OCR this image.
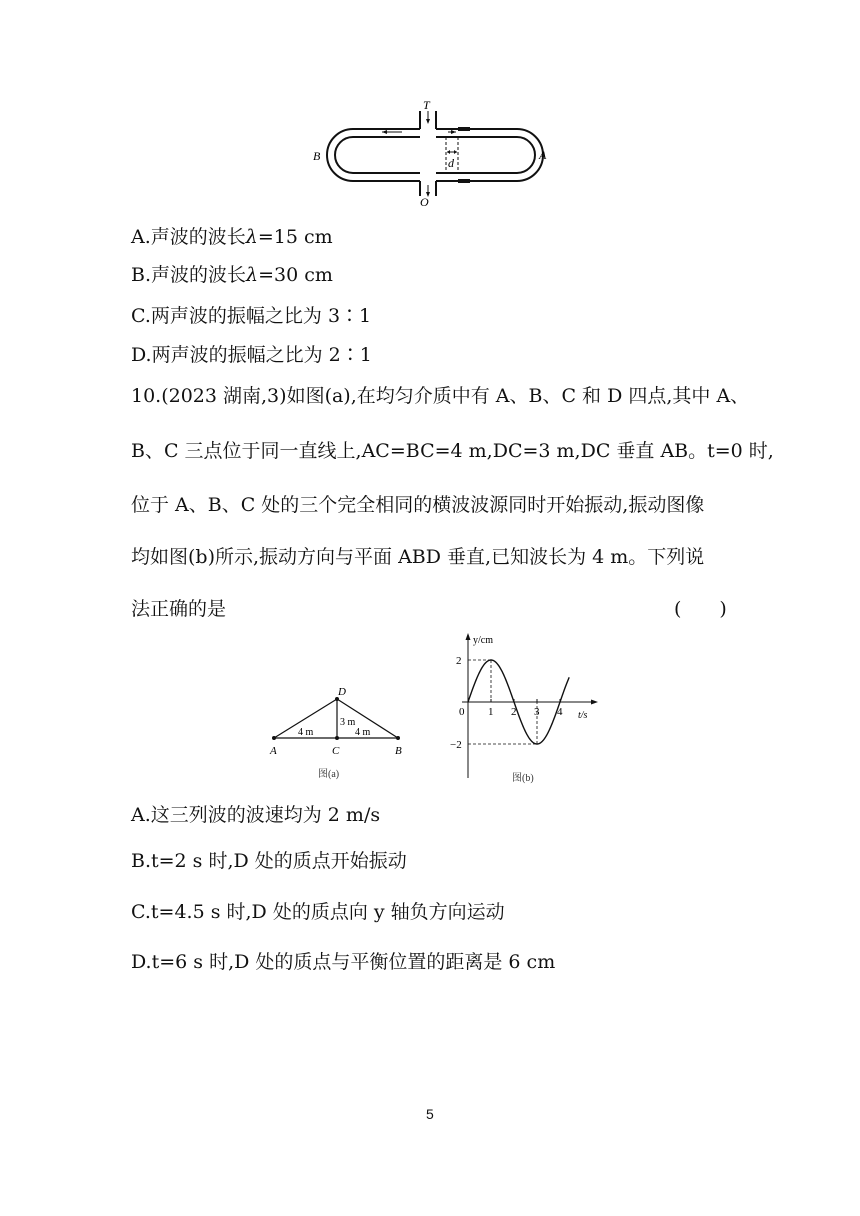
T
O
A
B	d
A.声波的波长λ=15 cm
B.声波的波长λ=30 cm
C.两声波的振幅之比为 3∶1
D.两声波的振幅之比为 2∶1
10.(2023 湖南,3)如图(a),在均匀介质中有 A、B、C 和 D 四点,其中 A、
B、C 三点位于同一直线上,AC=BC=4 m,DC=3 m,DC 垂直 AB。t=0 时,
位于 A、B、C 处的三个完全相同的横波波源同时开始振动,振动图像
均如图(b)所示,振动方向与平面 ABD 垂直,已知波长为 4 m。下列说
法正确的是	(　　)
A	C	B
D
4 m	4 m
3 m
图(a)
0 1 2 3 4
2
−2
y/cm
t/s
图(b)
A.这三列波的波速均为 2 m/s
B.t=2 s 时,D 处的质点开始振动
C.t=4.5 s 时,D 处的质点向 y 轴负方向运动
D.t=6 s 时,D 处的质点与平衡位置的距离是 6 cm
5
